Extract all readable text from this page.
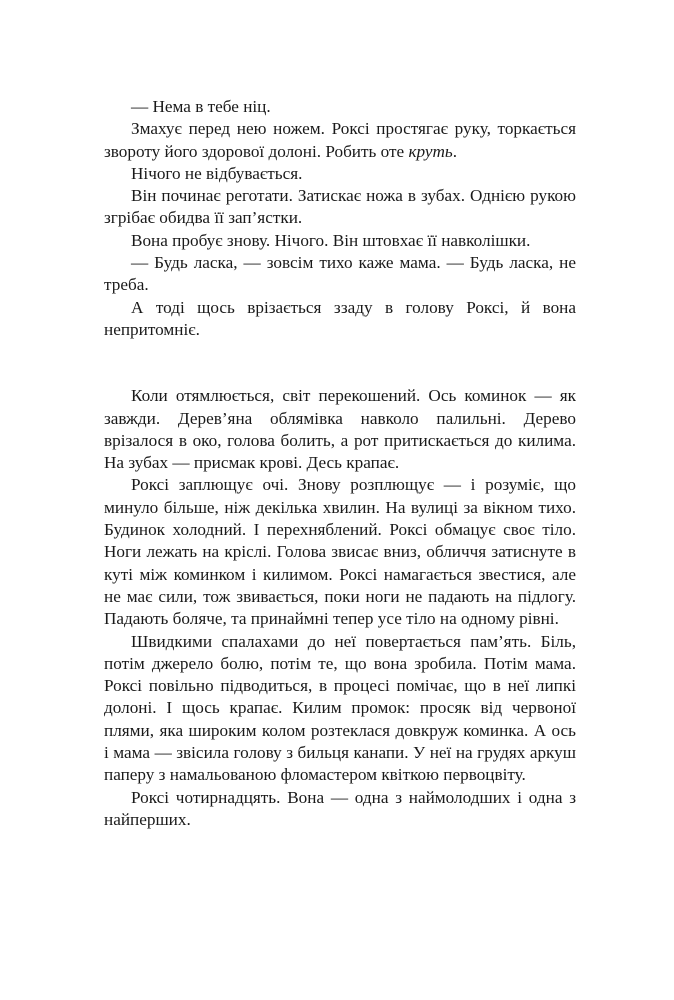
— Нема в тебе ніц.

Змахує перед нею ножем. Роксі простягає руку, торкається звороту його здорової долоні. Робить оте круть.

Нічого не відбувається.

Він починає реготати. Затискає ножа в зубах. Однією рукою згрібає обидва її зап’ястки.

Вона пробує знову. Нічого. Він штовхає її навколішки.

— Будь ласка, — зовсім тихо каже мама. — Будь ласка, не треба.

А тоді щось врізається ззаду в голову Роксі, й вона непритомніє.

Коли отямлюється, світ перекошений. Ось коминок — як завжди. Дерев’яна облямівка навколо палильні. Дерево врізалося в око, голова болить, а рот притискається до килима. На зубах — присмак крові. Десь крапає.

Роксі заплющує очі. Знову розплющує — і розуміє, що минуло більше, ніж декілька хвилин. На вулиці за вікном тихо. Будинок холодний. І перехняблений. Роксі обмацує своє тіло. Ноги лежать на кріслі. Голова звисає вниз, обличчя затиснуте в куті між коминком і килимом. Роксі намагається звестися, але не має сили, тож звивається, поки ноги не падають на підлогу. Падають боляче, та принаймні тепер усе тіло на одному рівні.

Швидкими спалахами до неї повертається пам’ять. Біль, потім джерело болю, потім те, що вона зробила. Потім мама. Роксі повільно підводиться, в процесі помічає, що в неї липкі долоні. І щось крапає. Килим промок: просяк від червоної плями, яка широким колом розтеклася довкруж коминка. А ось і мама — звісила голову з бильця канапи. У неї на грудях аркуш паперу з намальованою фломастером квіткою первоцвіту.

Роксі чотирнадцять. Вона — одна з наймолодших і одна з найперших.
